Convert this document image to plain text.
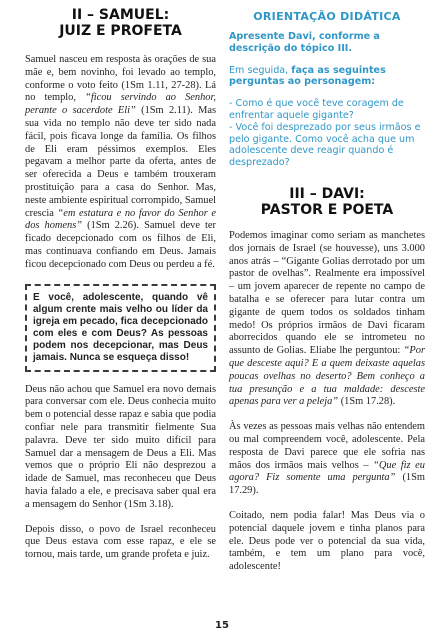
II – SAMUEL:
JUIZ E PROFETA

Samuel nasceu em resposta às orações de sua mãe e, bem novinho, foi levado ao templo, conforme o voto feito (1Sm 1.11, 27-28). Lá no templo, “ficou servindo ao Senhor, perante o sacerdote Eli” (1Sm 2.11). Mas sua vida no templo não deve ter sido nada fácil, pois ficava longe da família. Os filhos de Eli eram péssimos exemplos. Eles pegavam a melhor parte da oferta, antes de ser oferecida a Deus e também trouxeram prostituição para a casa do Senhor. Mas, neste ambiente espiritual corrompido, Samuel crescia “em estatura e no favor do Senhor e dos homens” (1Sm 2.26). Samuel deve ter ficado decepcionado com os filhos de Eli, mas continuava confiando em Deus. Jamais ficou decepcionado com Deus ou perdeu a fé.

E você, adolescente, quando vê algum crente mais velho ou líder da igreja em pecado, fica decepcionado com eles e com Deus? As pessoas podem nos decepcionar, mas Deus jamais. Nunca se esqueça disso!

Deus não achou que Samuel era novo demais para conversar com ele. Deus conhecia muito bem o potencial desse rapaz e sabia que podia confiar nele para transmitir fielmente Sua palavra. Deve ter sido muito difícil para Samuel dar a mensagem de Deus a Eli. Mas vemos que o próprio Eli não desprezou a idade de Samuel, mas reconheceu que Deus havia falado a ele, e precisava saber qual era a mensagem do Senhor (1Sm 3.18).

Depois disso, o povo de Israel reconheceu que Deus estava com esse rapaz, e ele se tornou, mais tarde, um grande profeta e juiz.

ORIENTAÇÃO DIDÁTICA

Apresente Davi, conforme a descrição do tópico III.

Em seguida, faça as seguintes perguntas ao personagem:

- Como é que você teve coragem de enfrentar aquele gigante?

- Você foi desprezado por seus irmãos e pelo gigante. Como você acha que um adolescente deve reagir quando é desprezado?

III – DAVI:
PASTOR E POETA

Podemos imaginar como seriam as manchetes dos jornais de Israel (se houvesse), uns 3.000 anos atrás – “Gigante Golias derrotado por um pastor de ovelhas”. Realmente era impossível – um jovem aparecer de repente no campo de batalha e se oferecer para lutar contra um gigante de quem todos os soldados tinham medo! Os próprios irmãos de Davi ficaram aborrecidos quando ele se intrometeu no assunto de Golias. Eliabe lhe perguntou: “Por que desceste aqui? E a quem deixaste aquelas poucas ovelhas no deserto? Bem conheço a tua presunção e a tua maldade: desceste apenas para ver a peleja” (1Sm 17.28).

Às vezes as pessoas mais velhas não entendem ou mal compreendem você, adolescente. Pela resposta de Davi parece que ele sofria nas mãos dos irmãos mais velhos – “Que fiz eu agora? Fiz somente uma pergunta” (1Sm 17.29).

Coitado, nem podia falar! Mas Deus via o potencial daquele jovem e tinha planos para ele. Deus pode ver o potencial da sua vida, também, e tem um plano para você, adolescente!

15
